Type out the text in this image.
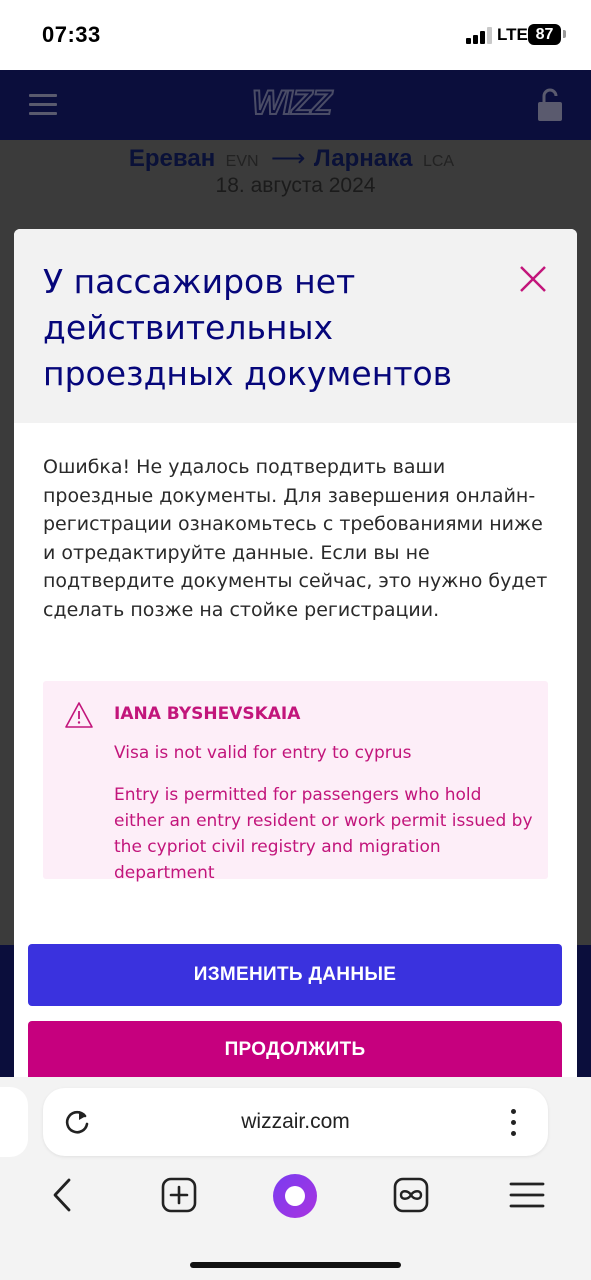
07:33	LTE 87
WIZZ
Ереван EVN ⟶ Ларнака LCA
18. августа 2024
У пассажиров нет действительных проездных документов
Ошибка! Не удалось подтвердить ваши проездные документы. Для завершения онлайн-регистрации ознакомьтесь с требованиями ниже и отредактируйте данные. Если вы не подтвердите документы сейчас, это нужно будет сделать позже на стойке регистрации.
IANA BYSHEVSKAIA
Visa is not valid for entry to cyprus
Entry is permitted for passengers who hold either an entry resident or work permit issued by the cypriot civil registry and migration department
ИЗМЕНИТЬ ДАННЫЕ
ПРОДОЛЖИТЬ
wizzair.com
